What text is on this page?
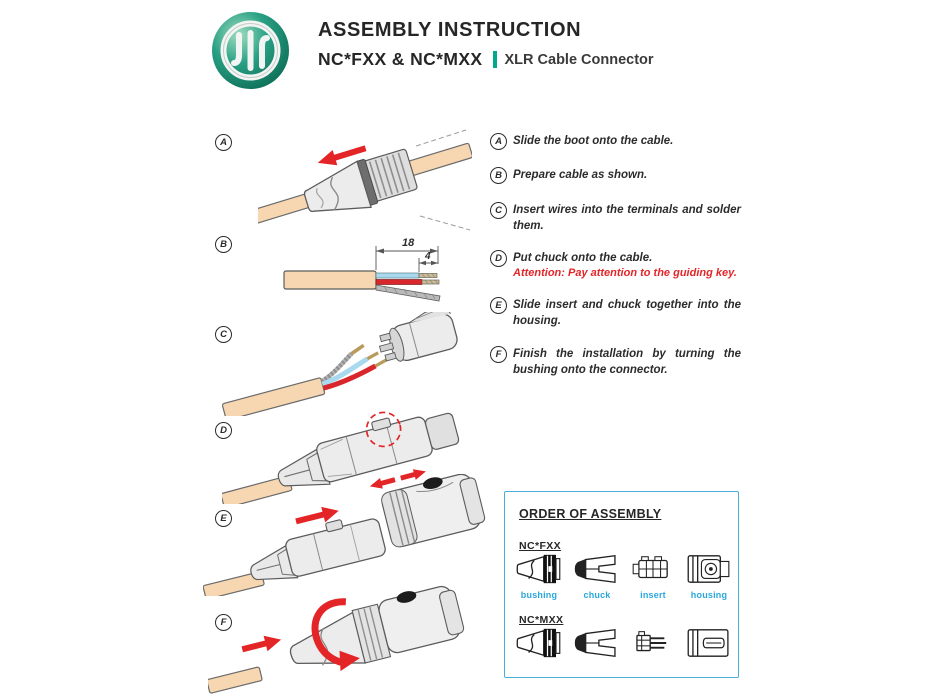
ASSEMBLY INSTRUCTION
NC*FXX & NC*MXX XLR Cable Connector
A
B
C
D
E
F
18
4
A Slide the boot onto the cable.
B Prepare cable as shown.
C Insert wires into the terminals and solder them.
D Put chuck onto the cable.
Attention: Pay attention to the guiding key.
E Slide insert and chuck together into the housing.
F	Finish the installation by turning the bushing onto the connector.
ORDER OF ASSEMBLY
NC*FXX
bushing	chuck	insert	housing
NC*MXX
